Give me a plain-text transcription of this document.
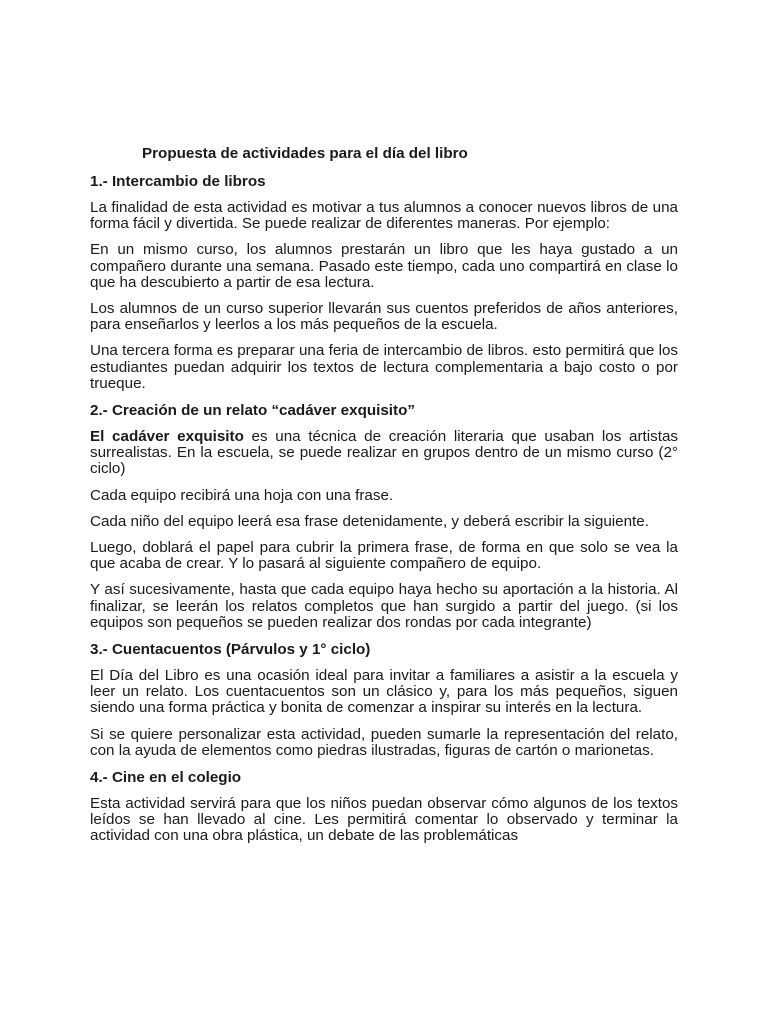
Propuesta de actividades para el día del libro
1.- Intercambio de libros

La finalidad de esta actividad es motivar a tus alumnos a conocer nuevos libros de una forma fácil y divertida. Se puede realizar de diferentes maneras. Por ejemplo:

En un mismo curso, los alumnos prestarán un libro que les haya gustado a un compañero durante una semana. Pasado este tiempo, cada uno compartirá en clase lo que ha descubierto a partir de esa lectura.

Los alumnos de un curso superior llevarán sus cuentos preferidos de años anteriores, para enseñarlos y leerlos a los más pequeños de la escuela.

Una tercera forma es preparar una feria de intercambio de libros. esto permitirá que los estudiantes puedan adquirir los textos de lectura complementaria a bajo costo o por trueque.

2.- Creación de un relato “cadáver exquisito”

El cadáver exquisito es una técnica de creación literaria que usaban los artistas surrealistas. En la escuela, se puede realizar en grupos dentro de un mismo curso (2° ciclo)

Cada equipo recibirá una hoja con una frase.

Cada niño del equipo leerá esa frase detenidamente, y deberá escribir la siguiente.

Luego, doblará el papel para cubrir la primera frase, de forma en que solo se vea la que acaba de crear. Y lo pasará al siguiente compañero de equipo.

Y así sucesivamente, hasta que cada equipo haya hecho su aportación a la historia. Al finalizar, se leerán los relatos completos que han surgido a partir del juego. (si los equipos son pequeños se pueden realizar dos rondas por cada integrante)

3.- Cuentacuentos (Párvulos y 1° ciclo)

El Día del Libro es una ocasión ideal para invitar a familiares a asistir a la escuela y leer un relato. Los cuentacuentos son un clásico y, para los más pequeños, siguen siendo una forma práctica y bonita de comenzar a inspirar su interés en la lectura.

Si se quiere personalizar esta actividad, pueden sumarle la representación del relato, con la ayuda de elementos como piedras ilustradas, figuras de cartón o marionetas.

4.- Cine en el colegio

Esta actividad servirá para que los niños puedan observar cómo algunos de los textos leídos se han llevado al cine. Les permitirá comentar lo observado y terminar la actividad con una obra plástica, un debate de las problemáticas
